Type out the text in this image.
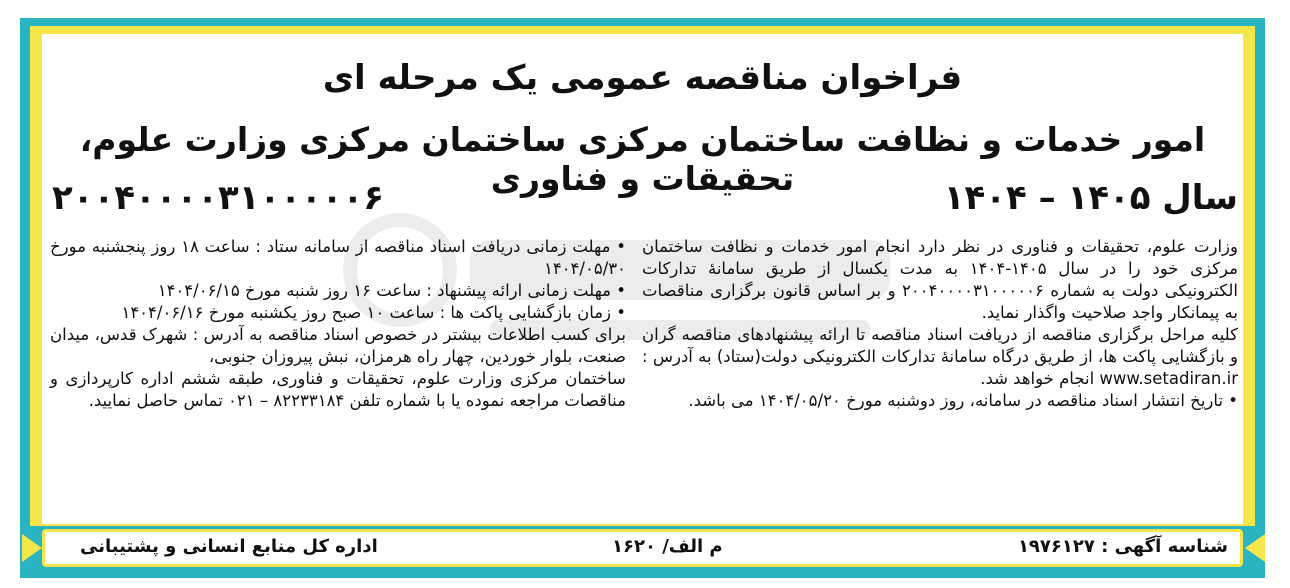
فراخوان مناقصه عمومی یک مرحله ای
امور خدمات و نظافت ساختمان مرکزی ساختمان مرکزی وزارت علوم، تحقیقات و فناوری	سال ۱۴۰۵ – ۱۴۰۴
۲۰۰۴۰۰۰۰۳۱۰۰۰۰۰۶

وزارت علوم، تحقیقات و فناوری در نظر دارد انجام امور خدمات و نظافت ساختمان مرکزی خود را در سال ۱۴۰۵-۱۴۰۴ به مدت یکسال از طریق سامانهٔ تدارکات الکترونیکی دولت به شماره ۲۰۰۴۰۰۰۰۳۱۰۰۰۰۰۶ و بر اساس قانون برگزاری مناقصات به پیمانکار واجد صلاحیت واگذار نماید.

کلیه مراحل برگزاری مناقصه از دریافت اسناد مناقصه تا ارائه پیشنهادهای مناقصه گران و بازگشایی پاکت ها، از طریق درگاه سامانهٔ تدارکات الکترونیکی دولت(ستاد) به آدرس : www.setadiran.ir انجام خواهد شد.

• تاریخ انتشار اسناد مناقصه در سامانه، روز دوشنبه مورخ ۱۴۰۴/۰۵/۲۰ می باشد.

• مهلت زمانی دریافت اسناد مناقصه از سامانه ستاد : ساعت ۱۸ روز پنجشنبه مورخ ۱۴۰۴/۰۵/۳۰

• مهلت زمانی ارائه پیشنهاد : ساعت ۱۶ روز شنبه مورخ ۱۴۰۴/۰۶/۱۵

• زمان بازگشایی پاکت ها : ساعت ۱۰ صبح روز یکشنبه مورخ ۱۴۰۴/۰۶/۱۶

برای کسب اطلاعات بیشتر در خصوص اسناد مناقصه به آدرس : شهرک قدس، میدان صنعت، بلوار خوردین، چهار راه هرمزان، نبش پیروزان جنوبی،

ساختمان مرکزی وزارت علوم، تحقیقات و فناوری، طبقه ششم اداره کارپردازی و مناقصات مراجعه نموده یا با شماره تلفن ۸۲۲۳۳۱۸۴ – ۰۲۱ تماس حاصل نمایید.

شناسه آگهی : ۱۹۷۶۱۲۷
م الف/ ۱۶۲۰
اداره کل منابع انسانی و پشتیبانی
